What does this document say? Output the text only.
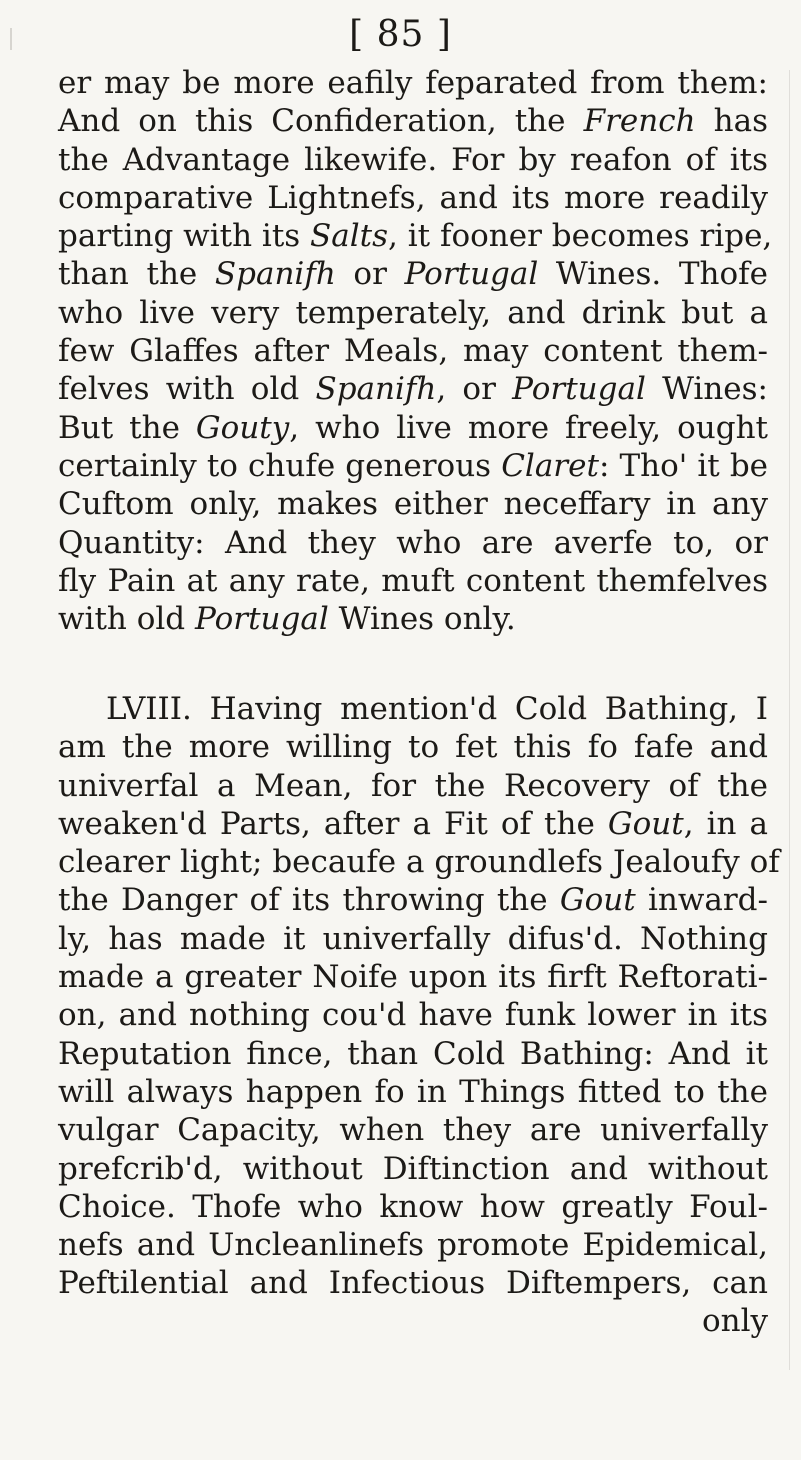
[ 85 ]
er may be more eafily feparated from them:
And on this Confideration, the French has
the Advantage likewife. For by reafon of its
comparative Lightnefs, and its more readily
parting with its Salts, it fooner becomes ripe,
than the Spanifh or Portugal Wines. Thofe
who live very temperately, and drink but a
few Glaffes after Meals, may content them-
felves with old Spanifh, or Portugal Wines:
But the Gouty, who live more freely, ought
certainly to chufe generous Claret: Tho' it be
Cuftom only, makes either neceffary in any
Quantity: And they who are averfe to, or
fly Pain at any rate, muft content themfelves
with old Portugal Wines only.
LVIII. Having mention'd Cold Bathing, I
am the more willing to fet this fo fafe and
univerfal a Mean, for the Recovery of the
weaken'd Parts, after a Fit of the Gout, in a
clearer light; becaufe a groundlefs Jealoufy of
the Danger of its throwing the Gout inward-
ly, has made it univerfally difus'd. Nothing
made a greater Noife upon its firft Reftorati-
on, and nothing cou'd have funk lower in its
Reputation fince, than Cold Bathing: And it
will always happen fo in Things fitted to the
vulgar Capacity, when they are univerfally
prefcrib'd, without Diftinction and without
Choice. Thofe who know how greatly Foul-
nefs and Uncleanlinefs promote Epidemical,
Peftilential and Infectious Diftempers, can
only
